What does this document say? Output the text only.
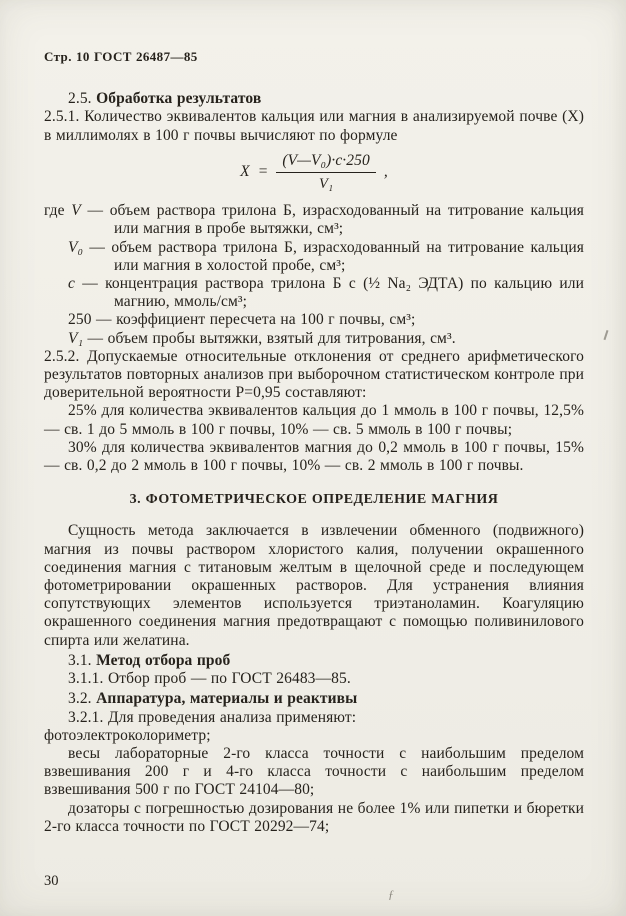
Стр. 10 ГОСТ 26487—85

2.5. Обработка результатов

2.5.1. Количество эквивалентов кальция или магния в анализируемой почве (X) в миллимолях в 100 г почвы вычисляют по формуле

$X = \frac{\text{(V—V₀)·с·250}}{\text{V₁}}$ ,
где V — объем раствора трилона Б, израсходованный на титрование кальция или магния в пробе вытяжки, см³;
V₀ — объем раствора трилона Б, израсходованный на титрование кальция или магния в холостой пробе, см³;
с — концентрация раствора трилона Б с (½ Na₂ ЭДТА) по кальцию или магнию, ммоль/см³;
250 — коэффициент пересчета на 100 г почвы, см³;
V₁ — объем пробы вытяжки, взятый для титрования, см³.

2.5.2. Допускаемые относительные отклонения от среднего арифметического результатов повторных анализов при выборочном статистическом контроле при доверительной вероятности Р=0,95 составляют:

25% для количества эквивалентов кальция до 1 ммоль в 100 г почвы, 12,5% — св. 1 до 5 ммоль в 100 г почвы, 10% — св. 5 ммоль в 100 г почвы;

30% для количества эквивалентов магния до 0,2 ммоль в 100 г почвы, 15% — св. 0,2 до 2 ммоль в 100 г почвы, 10% — св. 2 ммоль в 100 г почвы.

3. ФОТОМЕТРИЧЕСКОЕ ОПРЕДЕЛЕНИЕ МАГНИЯ

Сущность метода заключается в извлечении обменного (подвижного) магния из почвы раствором хлористого калия, получении окрашенного соединения магния с титановым желтым в щелочной среде и последующем фотометрировании окрашенных растворов. Для устранения влияния сопутствующих элементов используется триэтаноламин. Коагуляцию окрашенного соединения магния предотвращают с помощью поливинилового спирта или желатина.

3.1. Метод отбора проб

3.1.1. Отбор проб — по ГОСТ 26483—85.

3.2. Аппаратура, материалы и реактивы

3.2.1. Для проведения анализа применяют:

фотоэлектроколориметр;

весы лабораторные 2-го класса точности с наибольшим пределом взвешивания 200 г и 4-го класса точности с наибольшим пределом взвешивания 500 г по ГОСТ 24104—80;

дозаторы с погрешностью дозирования не более 1% или пипетки и бюретки 2-го класса точности по ГОСТ 20292—74;

30
ƒ
